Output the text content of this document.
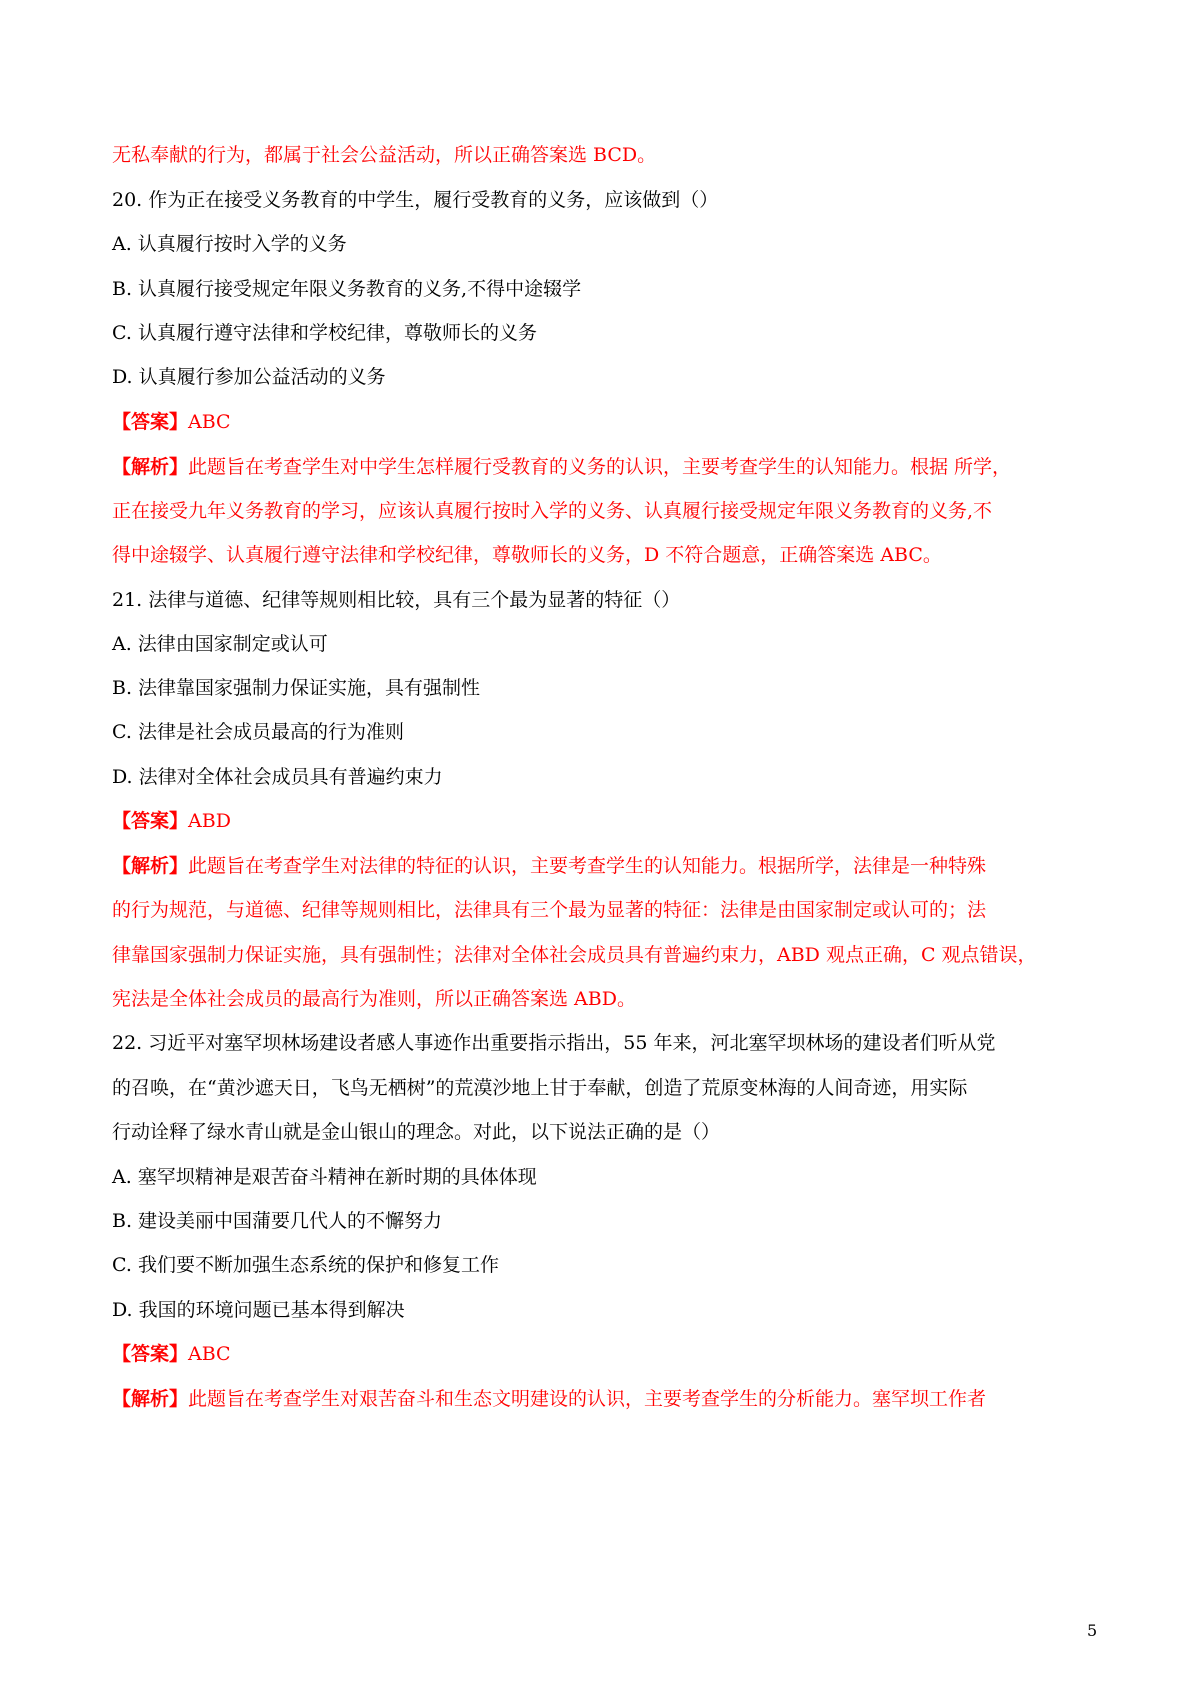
无私奉献的行为，都属于社会公益活动，所以正确答案选 BCD。
20. 作为正在接受义务教育的中学生，履行受教育的义务，应该做到（）
A. 认真履行按时入学的义务
B. 认真履行接受规定年限义务教育的义务,不得中途辍学
C. 认真履行遵守法律和学校纪律，尊敬师长的义务
D. 认真履行参加公益活动的义务
【答案】ABC
【解析】此题旨在考查学生对中学生怎样履行受教育的义务的认识，主要考查学生的认知能力。根据 所学，
正在接受九年义务教育的学习，应该认真履行按时入学的义务、认真履行接受规定年限义务教育的义务,不
得中途辍学、认真履行遵守法律和学校纪律，尊敬师长的义务，D 不符合题意，正确答案选 ABC。
21. 法律与道德、纪律等规则相比较，具有三个最为显著的特征（）
A. 法律由国家制定或认可
B. 法律靠国家强制力保证实施，具有强制性
C. 法律是社会成员最高的行为准则
D. 法律对全体社会成员具有普遍约束力
【答案】ABD
【解析】此题旨在考查学生对法律的特征的认识，主要考查学生的认知能力。根据所学，法律是一种特殊
的行为规范，与道德、纪律等规则相比，法律具有三个最为显著的特征：法律是由国家制定或认可的；法
律靠国家强制力保证实施，具有强制性；法律对全体社会成员具有普遍约束力，ABD 观点正确，C 观点错误，
宪法是全体社会成员的最高行为准则，所以正确答案选 ABD。
22. 习近平对塞罕坝林场建设者感人事迹作出重要指示指出，55 年来，河北塞罕坝林场的建设者们听从党
的召唤，在“黄沙遮天日，飞鸟无栖树”的荒漠沙地上甘于奉献，创造了荒原变林海的人间奇迹，用实际
行动诠释了绿水青山就是金山银山的理念。对此，以下说法正确的是（）
A. 塞罕坝精神是艰苦奋斗精神在新时期的具体体现
B. 建设美丽中国蒲要几代人的不懈努力
C. 我们要不断加强生态系统的保护和修复工作
D. 我国的环境问题已基本得到解决
【答案】ABC
【解析】此题旨在考查学生对艰苦奋斗和生态文明建设的认识，主要考查学生的分析能力。塞罕坝工作者
5
